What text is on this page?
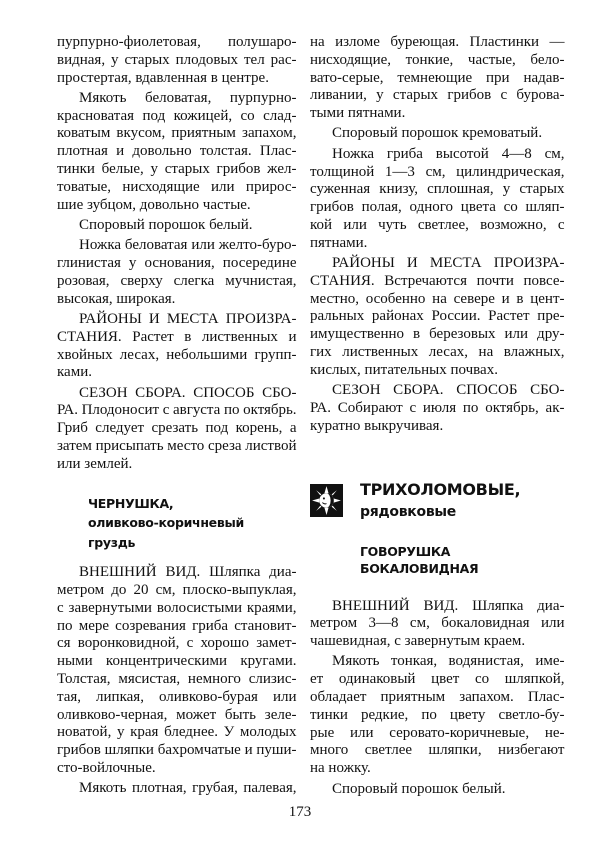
пурпурно-фиолетовая, полушаро-
видная, у старых плодовых тел рас-
простертая, вдавленная в центре.
Мякоть беловатая, пурпурно-
красноватая под кожицей, со слад-
коватым вкусом, приятным запахом,
плотная и довольно толстая. Плас-
тинки белые, у старых грибов жел-
товатые, нисходящие или прирос-
шие зубцом, довольно частые.
Споровый порошок белый.
Ножка беловатая или желто-буро-
глинистая у основания, посередине
розовая, сверху слегка мучнистая,
высокая, широкая.
РАЙОНЫ И МЕСТА ПРОИЗРА-
СТАНИЯ. Растет в лиственных и
хвойных лесах, небольшими групп-
ками.
СЕЗОН СБОРА. СПОСОБ СБО-
РА. Плодоносит с августа по октябрь.
Гриб следует срезать под корень, а
затем присыпать место среза листвой
или землей.
ЧЕРНУШКА,
оливково-коричневый
груздь
ВНЕШНИЙ ВИД. Шляпка диа-
метром до 20 см, плоско-выпуклая,
с завернутыми волосистыми краями,
по мере созревания гриба становит-
ся воронковидной, с хорошо замет-
ными концентрическими кругами.
Толстая, мясистая, немного слизис-
тая, липкая, оливково-бурая или
оливково-черная, может быть зеле-
новатой, у края бледнее. У молодых
грибов шляпки бахромчатые и пуши-
сто-войлочные.
Мякоть плотная, грубая, палевая,
на изломе буреющая. Пластинки —
нисходящие, тонкие, частые, бело-
вато-серые, темнеющие при надав-
ливании, у старых грибов с бурова-
тыми пятнами.
Споровый порошок кремоватый.
Ножка гриба высотой 4—8 см,
толщиной 1—3 см, цилиндрическая,
суженная книзу, сплошная, у старых
грибов полая, одного цвета со шляп-
кой или чуть светлее, возможно, с
пятнами.
РАЙОНЫ И МЕСТА ПРОИЗРА-
СТАНИЯ. Встречаются почти повсе-
местно, особенно на севере и в цент-
ральных районах России. Растет пре-
имущественно в березовых или дру-
гих лиственных лесах, на влажных,
кислых, питательных почвах.
СЕЗОН СБОРА. СПОСОБ СБО-
РА. Собирают с июля по октябрь, ак-
куратно выкручивая.
ТРИХОЛОМОВЫЕ,
рядовковые
ГОВОРУШКА
БОКАЛОВИДНАЯ
ВНЕШНИЙ ВИД. Шляпка диа-
метром 3—8 см, бокаловидная или
чашевидная, с завернутым краем.
Мякоть тонкая, водянистая, име-
ет одинаковый цвет со шляпкой,
обладает приятным запахом. Плас-
тинки редкие, по цвету светло-бу-
рые или серовато-коричневые, не-
много светлее шляпки, низбегают
на ножку.
Споровый порошок белый.
173
